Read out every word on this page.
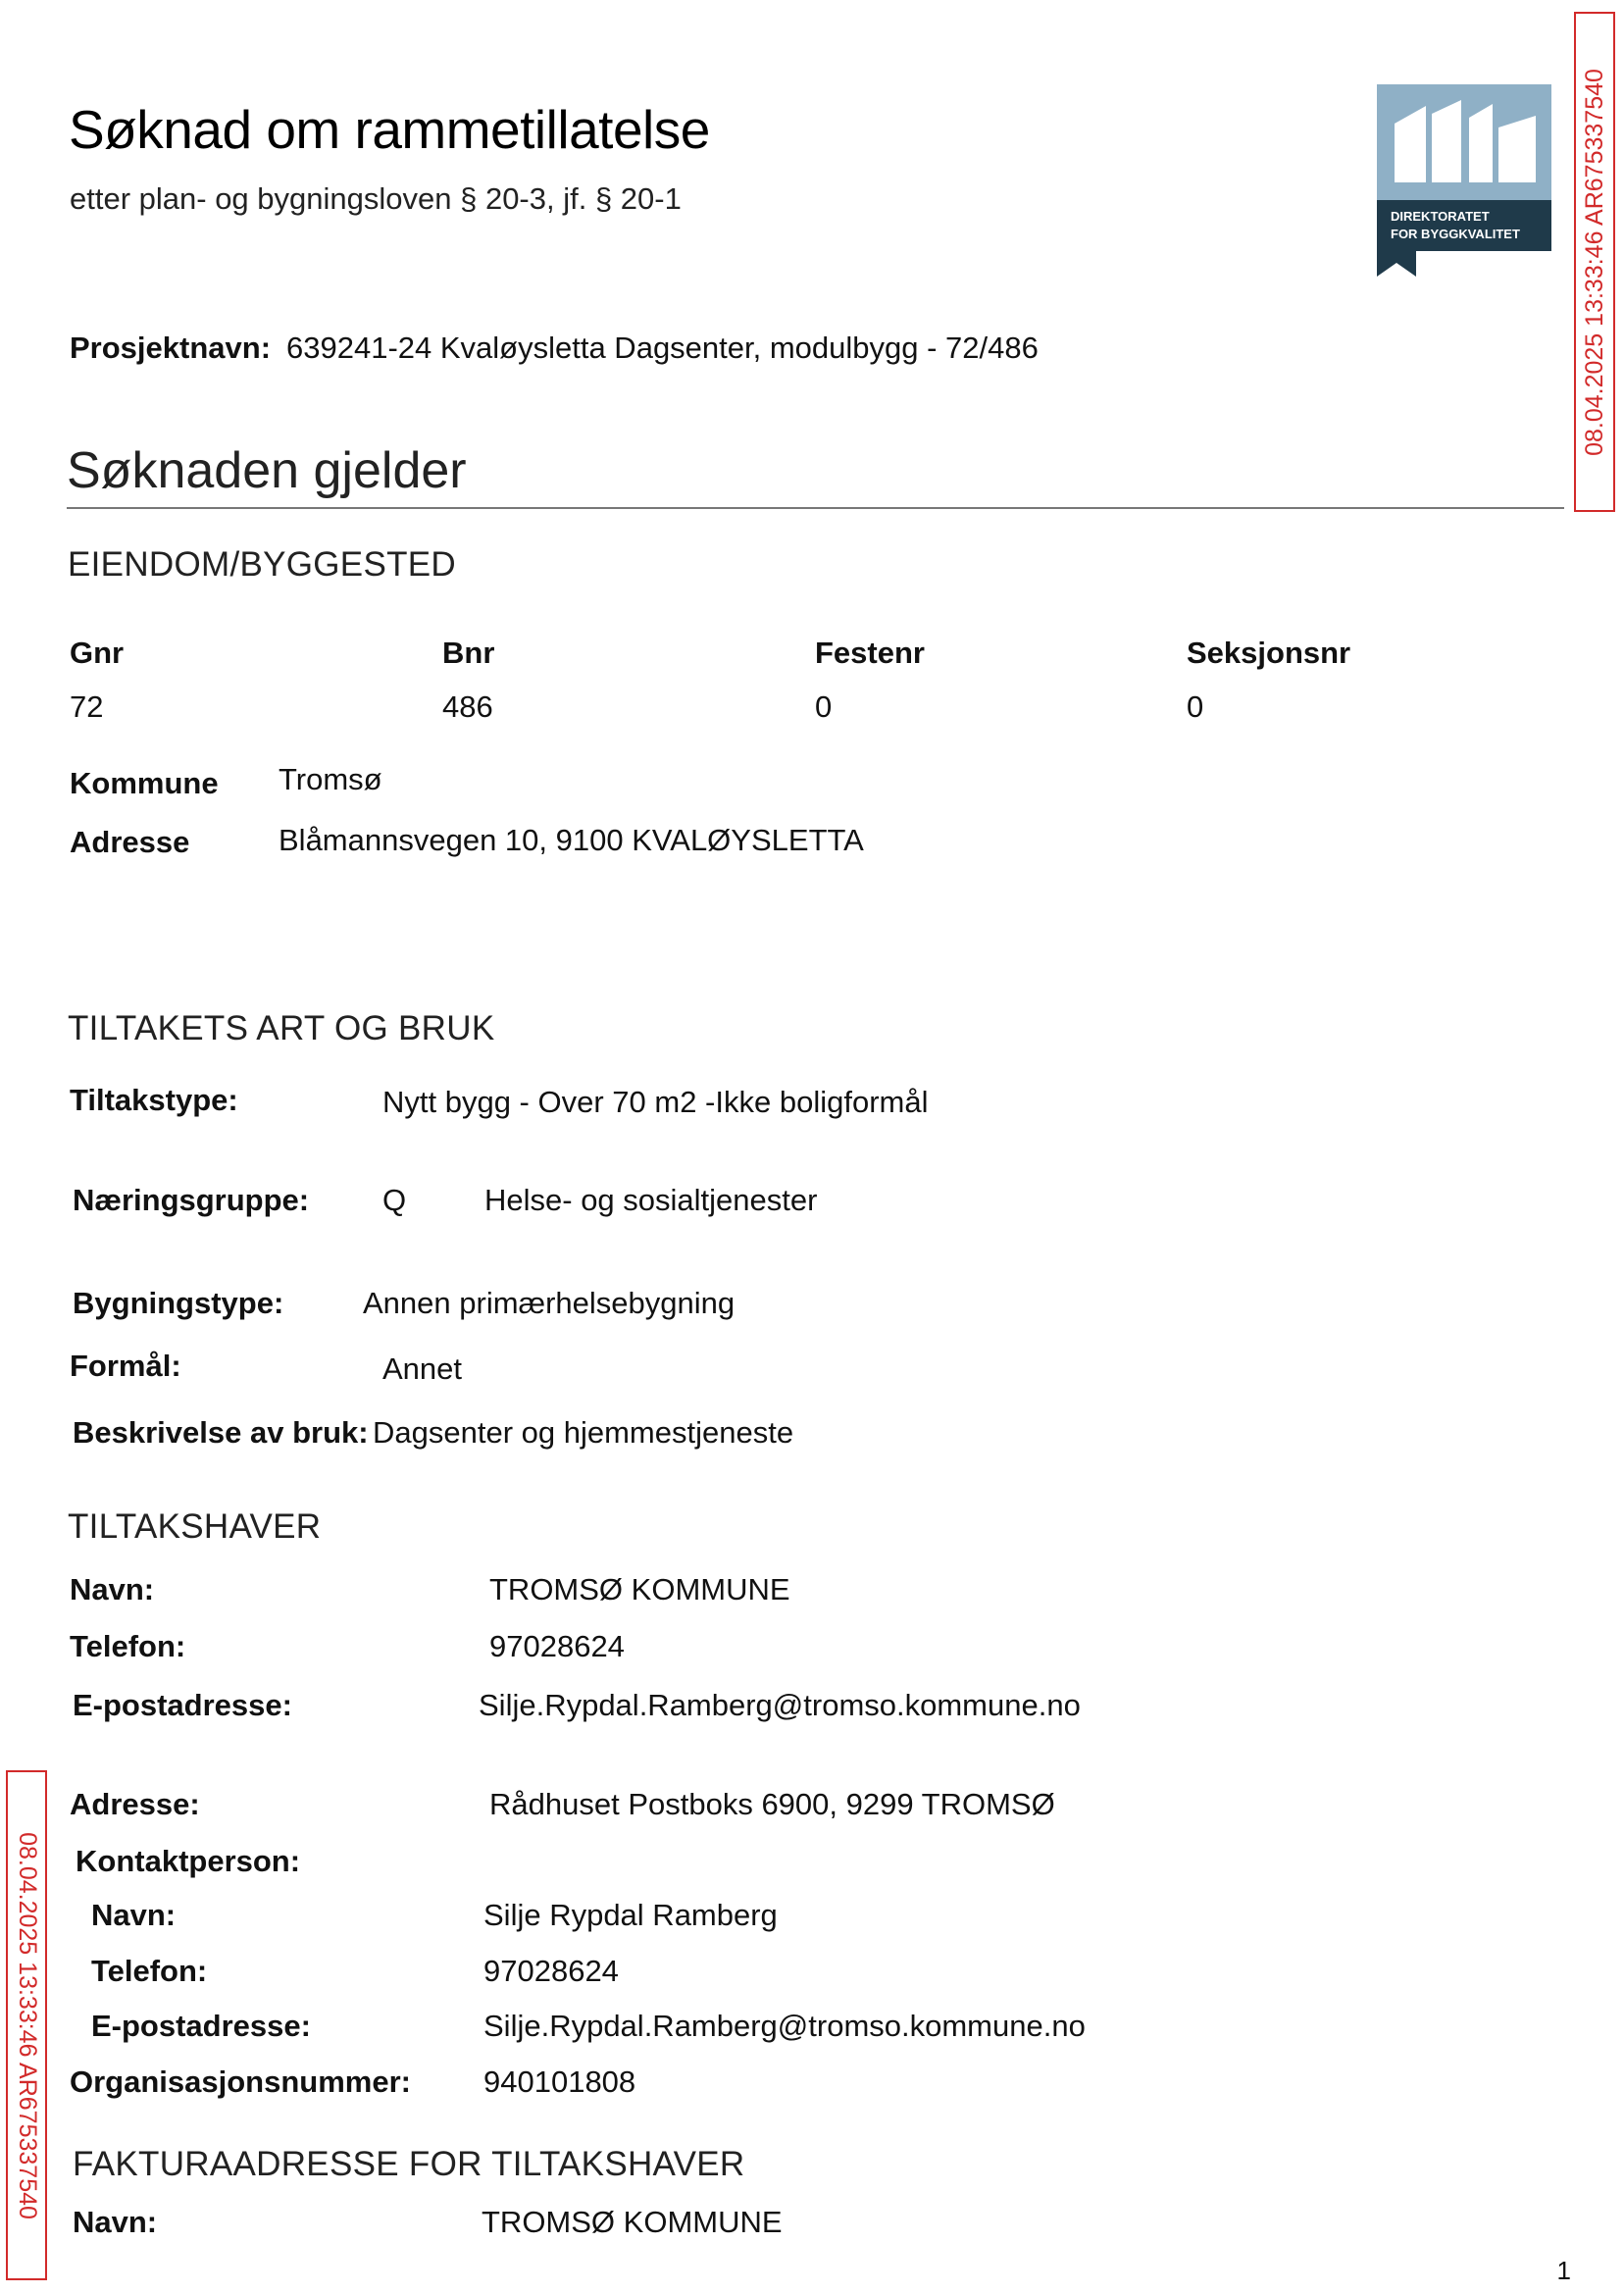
Søknad om rammetillatelse
etter plan- og bygningsloven § 20-3, jf. § 20-1
DIREKTORATET
FOR BYGGKVALITET 08.04.2025 13:33:46 AR675337540
08.04.2025 13:33:46 AR675337540
Prosjektnavn: 639241-24 Kvaløysletta Dagsenter, modulbygg - 72/486
Søknaden gjelder
EIENDOM/BYGGESTED
Gnr	Bnr	Festenr	Seksjonsnr
72	486	0	0
Kommune Tromsø
Adresse	Blåmannsvegen 10, 9100 KVALØYSLETTA
TILTAKETS ART OG BRUK
Tiltakstype:	Nytt bygg - Over 70 m2 -Ikke boligformål
Næringsgruppe: Q	Helse- og sosialtjenester
Bygningstype:	Annen primærhelsebygning
Formål:	Annet
Beskrivelse av bruk: Dagsenter og hjemmestjeneste
TILTAKSHAVER
Navn:	TROMSØ KOMMUNE
Telefon:	97028624
E-postadresse:	Silje.Rypdal.Ramberg@tromso.kommune.no
Adresse:	Rådhuset Postboks 6900, 9299 TROMSØ
Kontaktperson:
Navn:	Silje Rypdal Ramberg
Telefon:	97028624
E-postadresse:	Silje.Rypdal.Ramberg@tromso.kommune.no
Organisasjonsnummer: 940101808
FAKTURAADRESSE FOR TILTAKSHAVER
Navn:	TROMSØ KOMMUNE
1
